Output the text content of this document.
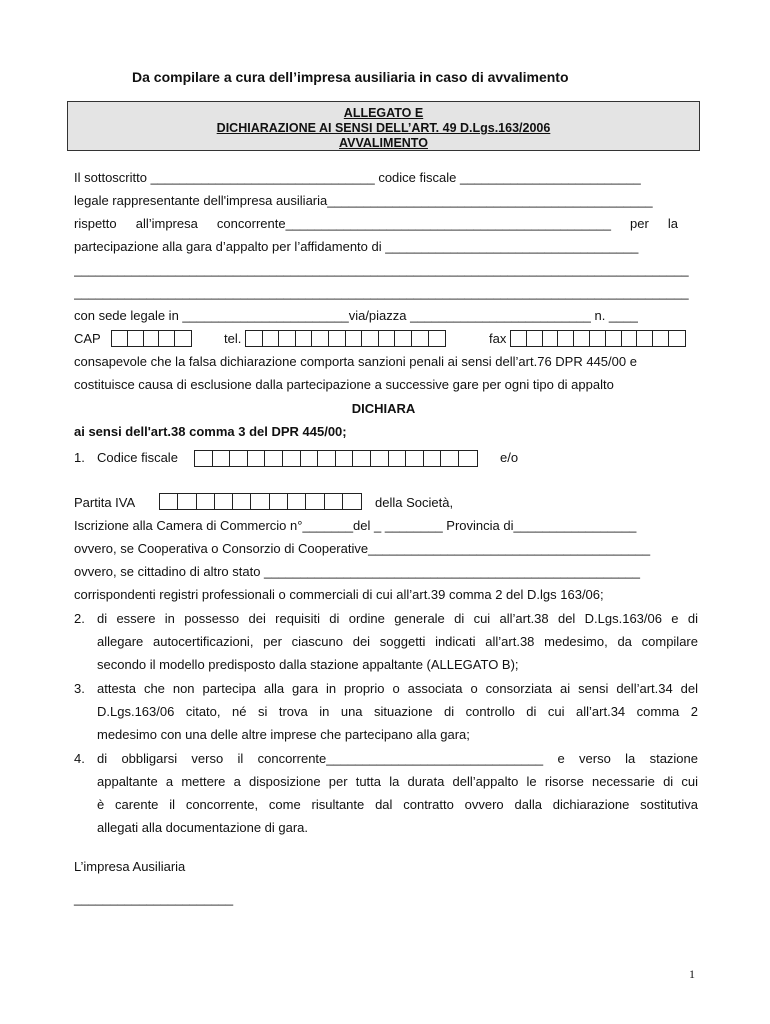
Da compilare a cura dell’impresa ausiliaria in caso di avvalimento
ALLEGATO E
DICHIARAZIONE AI SENSI DELL’ART. 49 D.Lgs.163/2006
AVVALIMENTO
Il sottoscritto _______________________________ codice fiscale _________________________
legale rappresentante dell'impresa ausiliaria_____________________________________________
rispetto all’impresa concorrente_____________________________________________ per la
partecipazione alla gara d’appalto per l’affidamento di ___________________________________
_____________________________________________________________________________________
_____________________________________________________________________________________
con sede legale in _______________________via/piazza _________________________ n. ____
CAP	tel.	fax
consapevole che la falsa dichiarazione comporta sanzioni penali ai sensi dell’art.76 DPR 445/00 e
costituisce causa di esclusione dalla partecipazione a successive gare per ogni tipo di appalto
DICHIARA
ai sensi dell'art.38 comma 3 del DPR 445/00;
1. Codice fiscale	e/o
Partita IVA	della Società,
Iscrizione alla Camera di Commercio n°_______del _ ________ Provincia di_________________
ovvero, se Cooperativa o Consorzio di Cooperative_______________________________________
ovvero, se cittadino di altro stato ____________________________________________________
corrispondenti registri professionali o commerciali di cui all’art.39 comma 2 del D.lgs 163/06;
2. di essere in possesso dei requisiti di ordine generale di cui all’art.38 del D.Lgs.163/06 e di
allegare autocertificazioni, per ciascuno dei soggetti indicati all’art.38 medesimo, da compilare
secondo il modello predisposto dalla stazione appaltante (ALLEGATO B);
3. attesta che non partecipa alla gara in proprio o associata o consorziata ai sensi dell’art.34 del
D.Lgs.163/06 citato, né si trova in una situazione di controllo di cui all’art.34 comma 2
medesimo con una delle altre imprese che partecipano alla gara;
4. di obbligarsi verso il concorrente______________________________ e verso la stazione
appaltante a mettere a disposizione per tutta la durata dell’appalto le risorse necessarie di cui
è carente il concorrente, come risultante dal contratto ovvero dalla dichiarazione sostitutiva
allegati alla documentazione di gara.
L’impresa Ausiliaria
______________________
1
